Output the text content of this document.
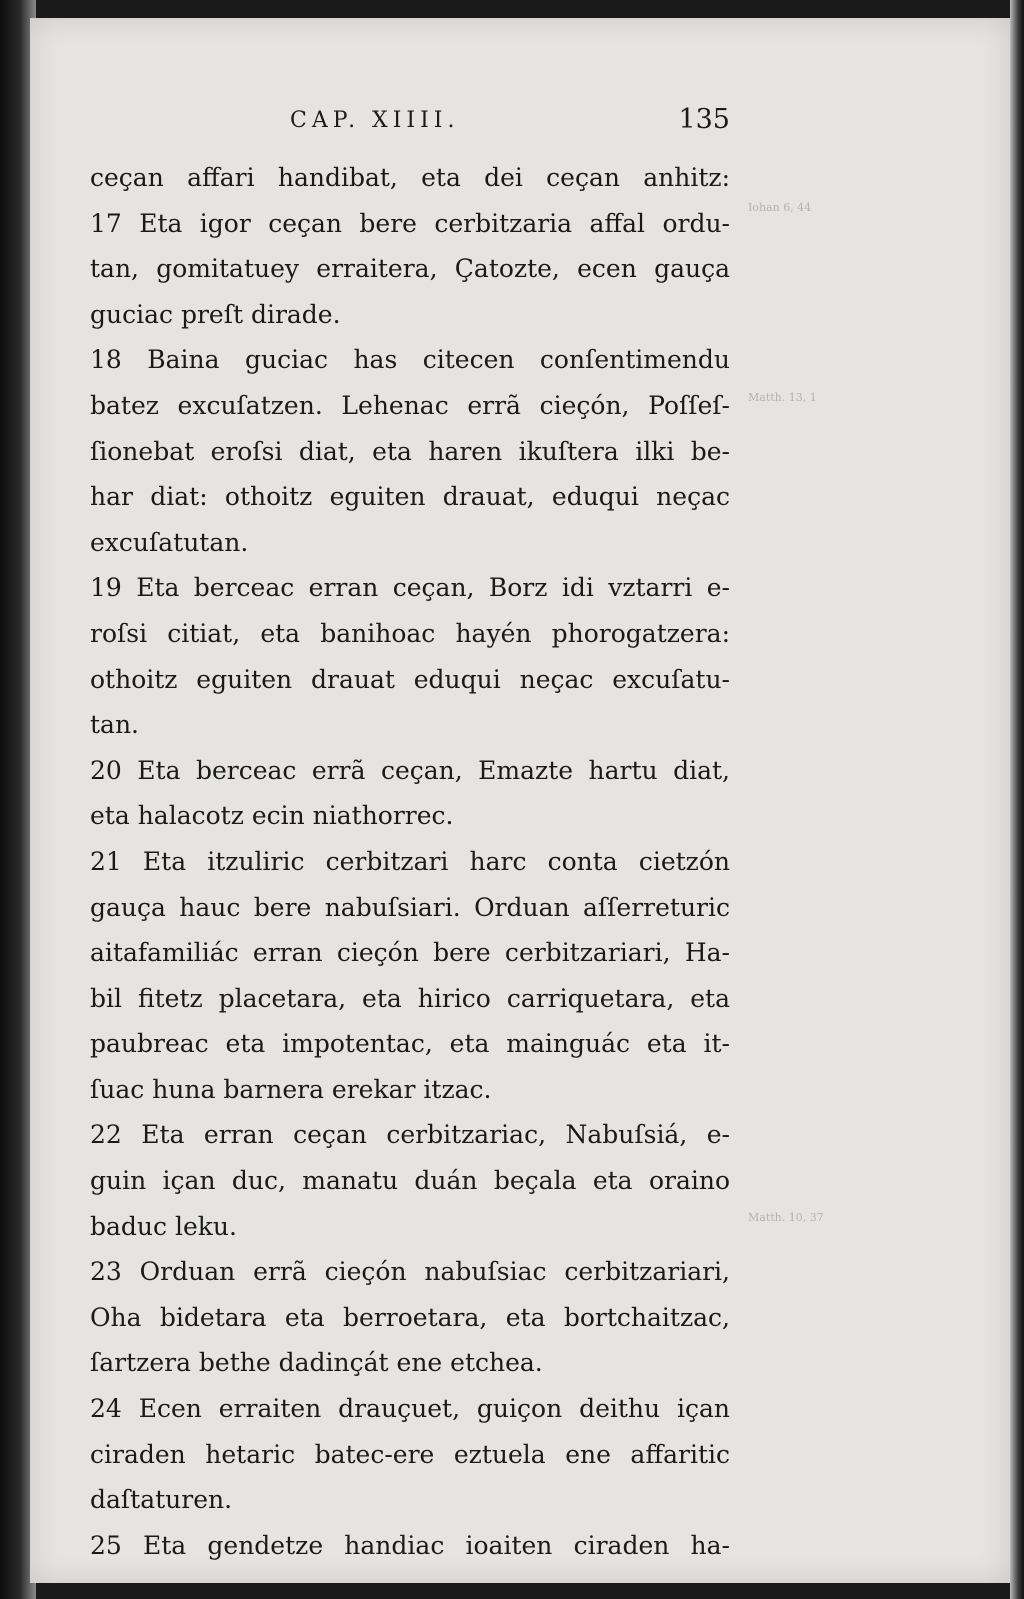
CAP. XIIII.	135
ceçan affari handibat, eta dei ceçan anhitz:
17 Eta igor ceçan bere cerbitzaria affal ordu-
tan, gomitatuey erraitera, Çatozte, ecen gauça
guciac preſt dirade.
18 Baina guciac has citecen conſentimendu
batez excuſatzen. Lehenac errã cieçón, Poſſeſ-
ſionebat eroſsi diat, eta haren ikuſtera ilki be-
har diat: othoitz eguiten drauat, eduqui neçac
excuſatutan.
19 Eta berceac erran ceçan, Borz idi vztarri e-
roſsi citiat, eta banihoac hayén phorogatzera:
othoitz eguiten drauat eduqui neçac excuſatu-
tan.
20 Eta berceac errã ceçan, Emazte hartu diat,
eta halacotz ecin niathorrec.
21 Eta itzuliric cerbitzari harc conta cietzón
gauça hauc bere nabuſsiari. Orduan aſſerreturic
aitafamiliác erran cieçón bere cerbitzariari, Ha-
bil fitetz placetara, eta hirico carriquetara, eta
paubreac eta impotentac, eta mainguác eta it-
ſuac huna barnera erekar itzac.
22 Eta erran ceçan cerbitzariac, Nabuſsiá, e-
guin içan duc, manatu duán beçala eta oraino
baduc leku.
23 Orduan errã cieçón nabuſsiac cerbitzariari,
Oha bidetara eta berroetara, eta bortchaitzac,
ſartzera bethe dadinçát ene etchea.
24 Ecen erraiten drauçuet, guiçon deithu içan
ciraden hetaric batec-ere eztuela ene affaritic
daſtaturen.
25 Eta gendetze handiac ioaiten ciraden ha-
Iohan 6, 44
Matth. 13, 1
Matth. 10, 37
